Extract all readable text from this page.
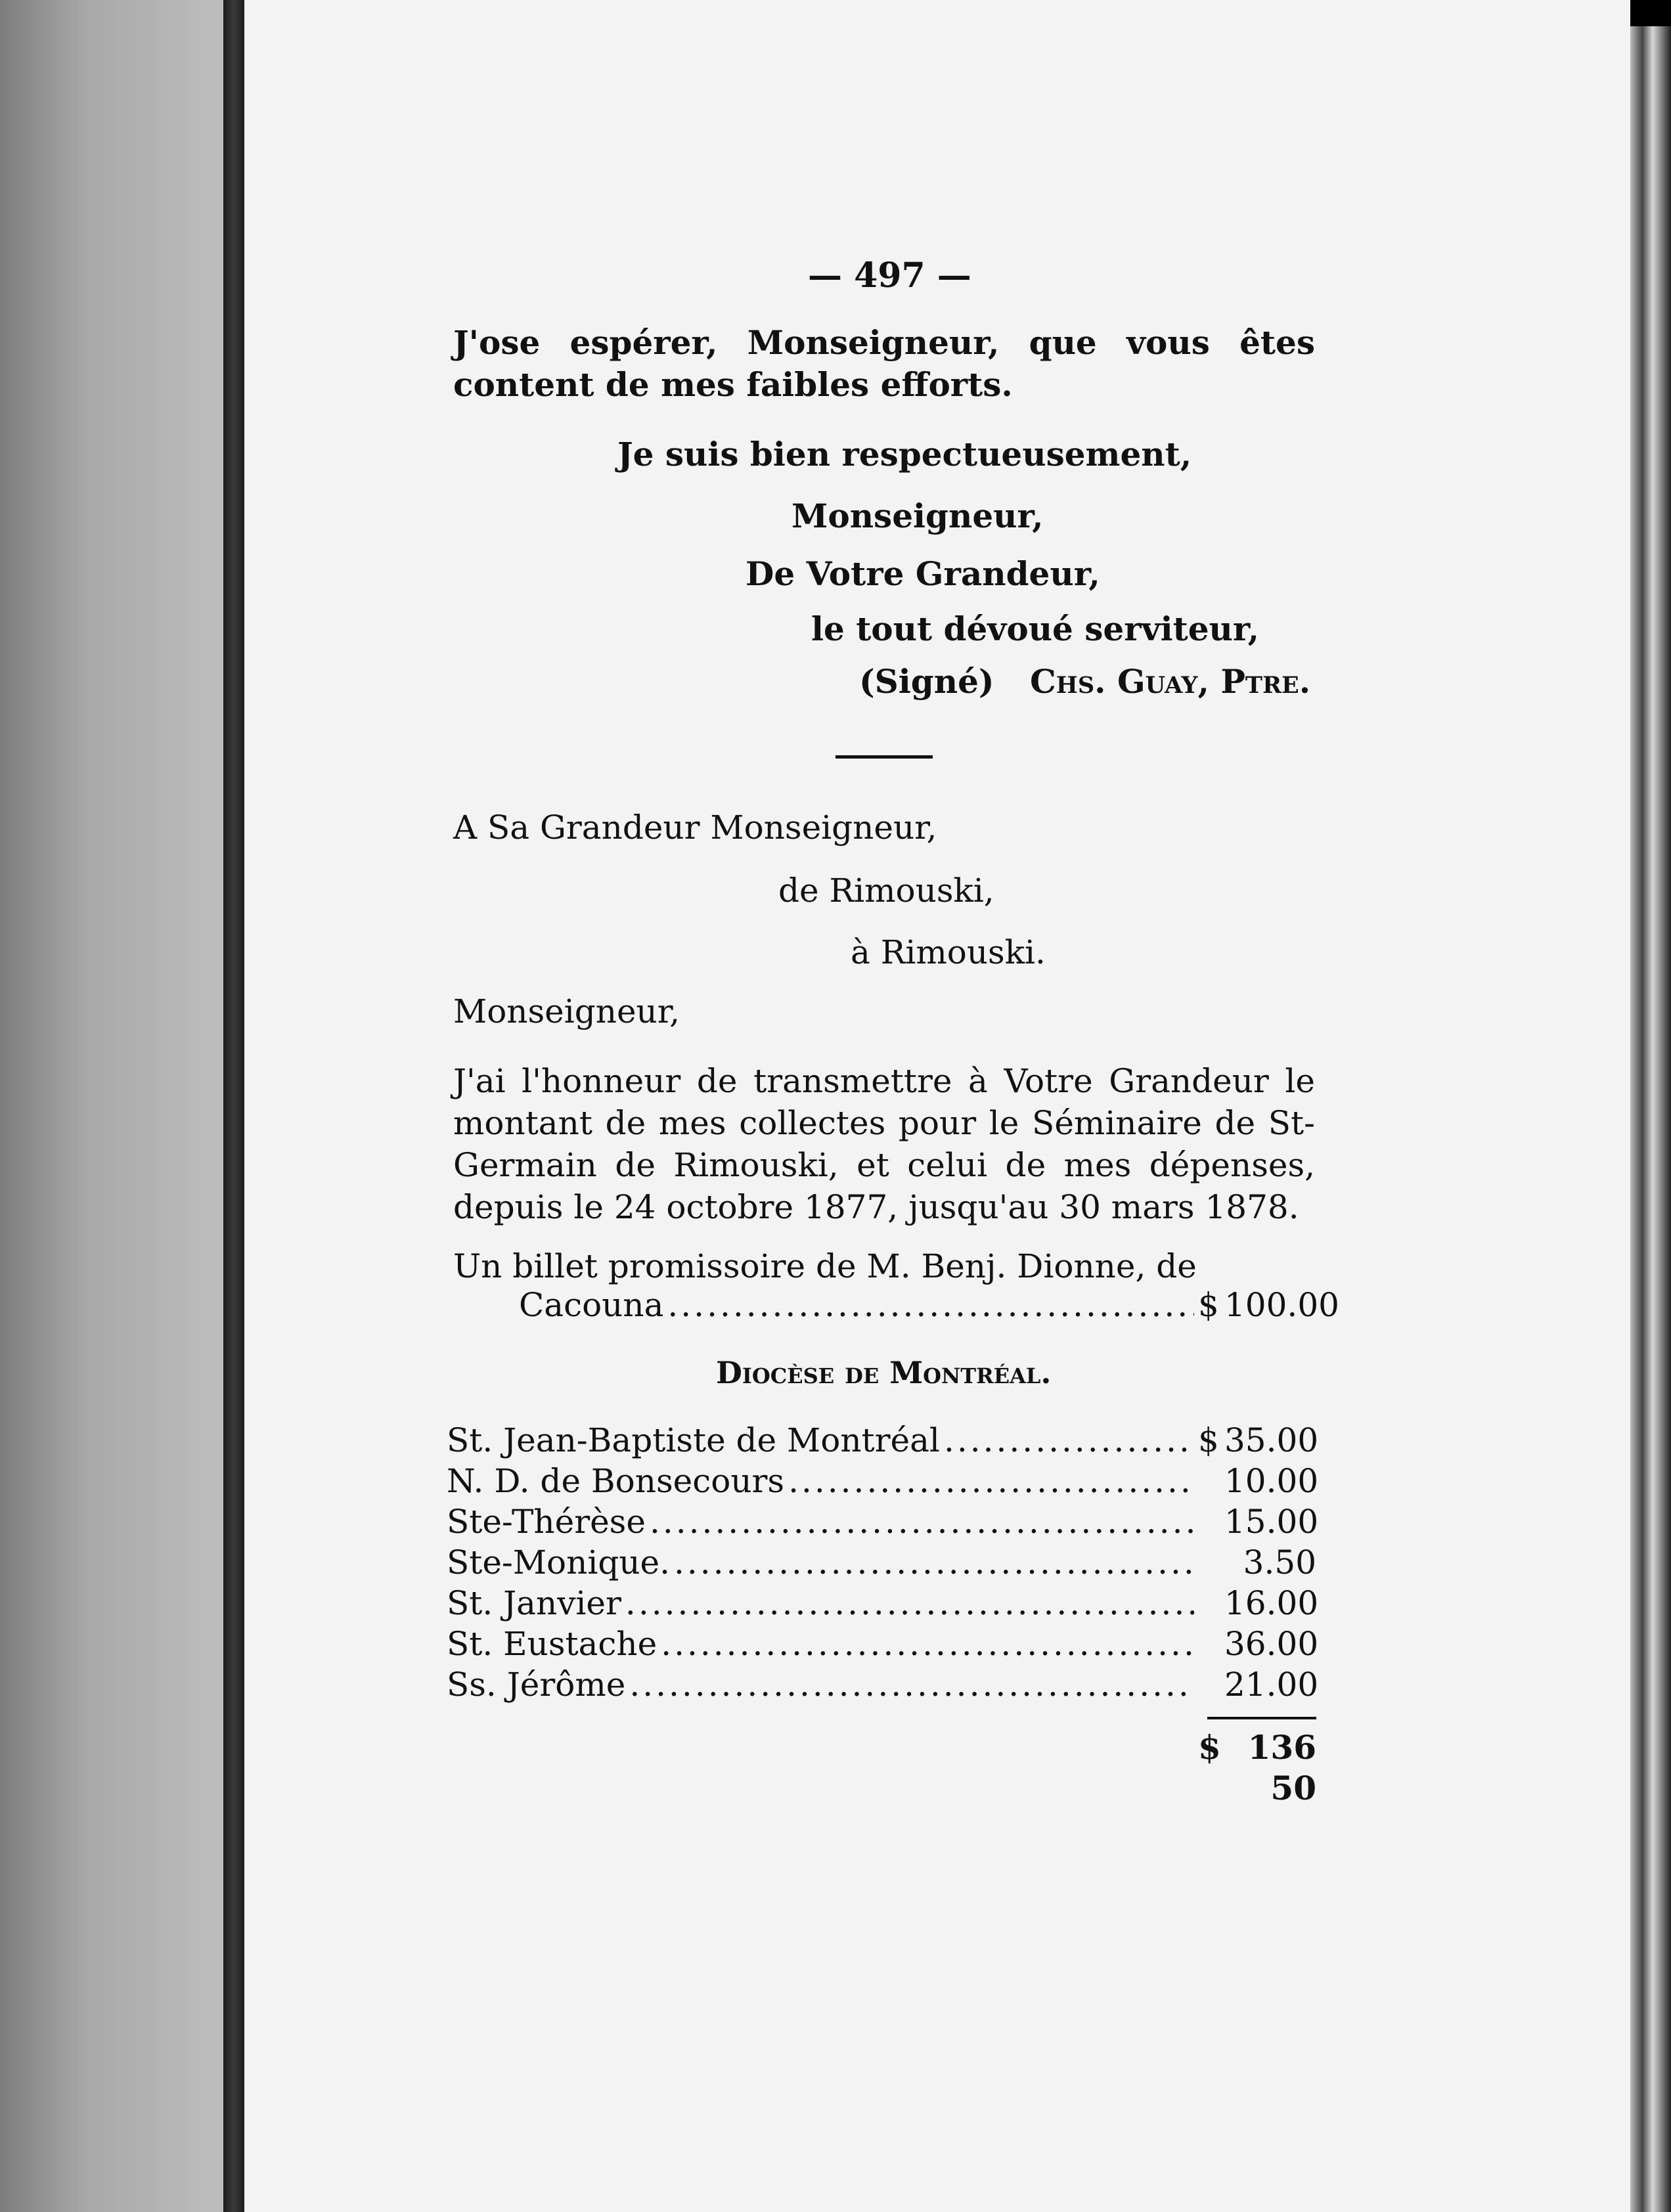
— 497 —
J'ose espérer, Monseigneur, que vous êtes content de mes faibles efforts.
Je suis bien respectueusement,
Monseigneur,
De Votre Grandeur,
le tout dévoué serviteur,
(Signé) Chs. Guay, Ptre.
A Sa Grandeur Monseigneur,
de Rimouski,
à Rimouski.
Monseigneur,
J'ai l'honneur de transmettre à Votre Grandeur le montant de mes collectes pour le Séminaire de St-Germain de Rimouski, et celui de mes dépenses, depuis le 24 octobre 1877, jusqu'au 30 mars 1878.
Un billet promissoire de M. Benj. Dionne, de
Cacouna .....	$ 100.00
Diocèse de Montréal.
St. Jean-Baptiste de Montréal .....	$ 35.00
N. D. de Bonsecours .....	10.00
Ste-Thérèse .....	15.00
Ste-Monique. .....	3.50
St. Janvier .....	16.00
St. Eustache .....	36.00
Ss. Jérôme .....	21.00
$ 136 50
